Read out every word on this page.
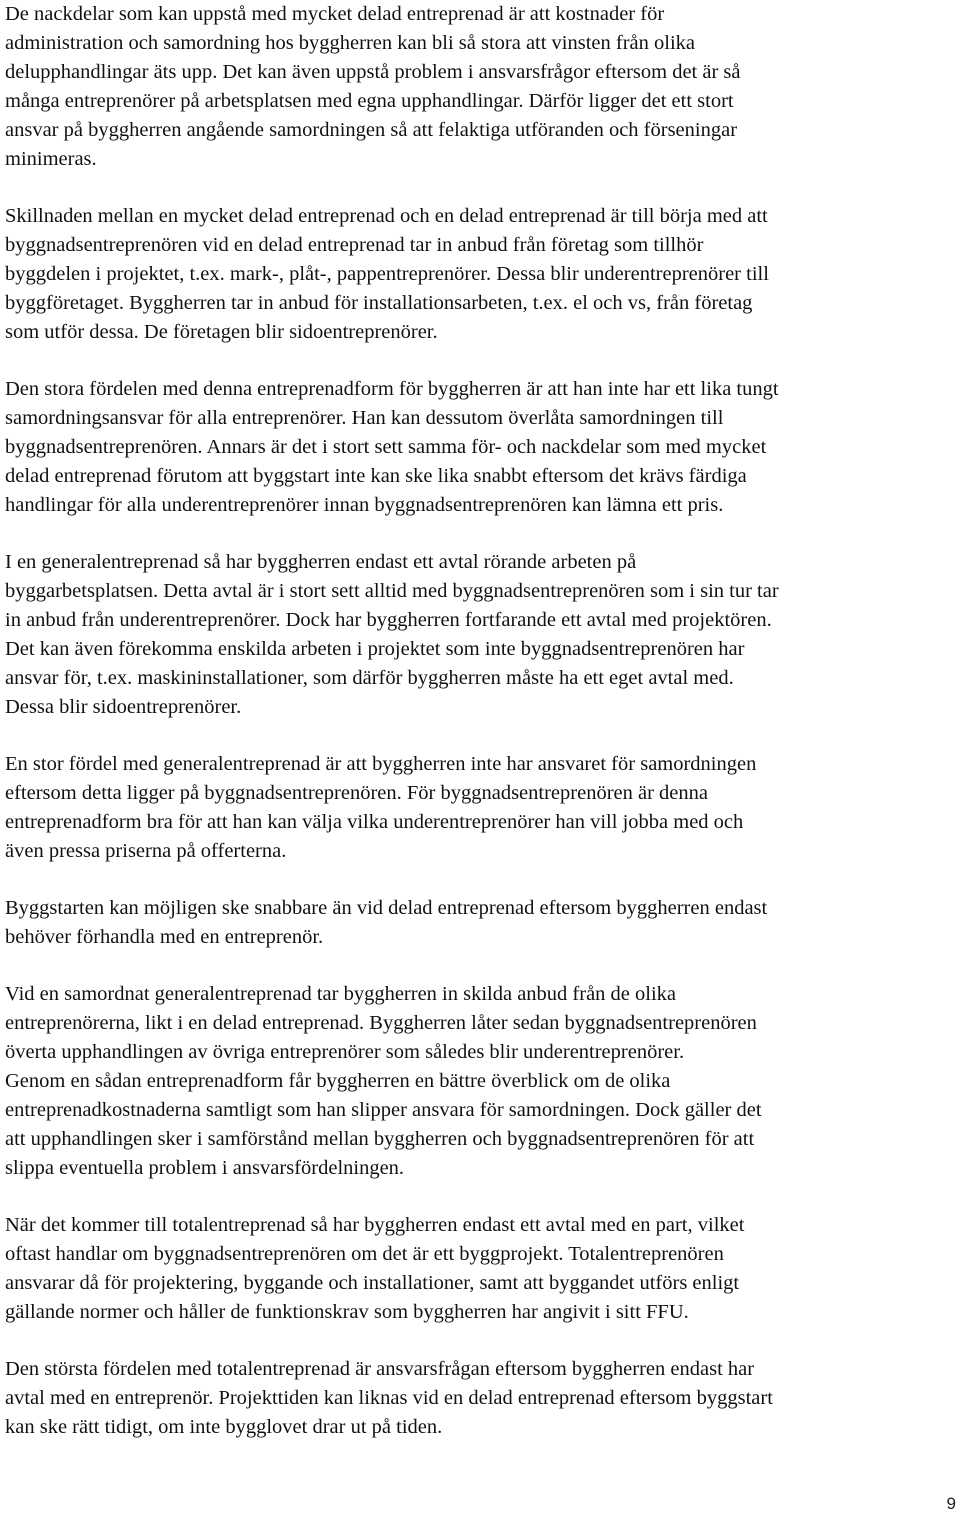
De nackdelar som kan uppstå med mycket delad entreprenad är att kostnader för
administration och samordning hos byggherren kan bli så stora att vinsten från olika
delupphandlingar äts upp. Det kan även uppstå problem i ansvarsfrågor eftersom det är så
många entreprenörer på arbetsplatsen med egna upphandlingar. Därför ligger det ett stort
ansvar på byggherren angående samordningen så att felaktiga utföranden och förseningar
minimeras.

Skillnaden mellan en mycket delad entreprenad och en delad entreprenad är till börja med att
byggnadsentreprenören vid en delad entreprenad tar in anbud från företag som tillhör
byggdelen i projektet, t.ex. mark-, plåt-, pappentreprenörer. Dessa blir underentreprenörer till
byggföretaget. Byggherren tar in anbud för installationsarbeten, t.ex. el och vs, från företag
som utför dessa. De företagen blir sidoentreprenörer.

Den stora fördelen med denna entreprenadform för byggherren är att han inte har ett lika tungt
samordningsansvar för alla entreprenörer. Han kan dessutom överlåta samordningen till
byggnadsentreprenören. Annars är det i stort sett samma för- och nackdelar som med mycket
delad entreprenad förutom att byggstart inte kan ske lika snabbt eftersom det krävs färdiga
handlingar för alla underentreprenörer innan byggnadsentreprenören kan lämna ett pris.

I en generalentreprenad så har byggherren endast ett avtal rörande arbeten på
byggarbetsplatsen. Detta avtal är i stort sett alltid med byggnadsentreprenören som i sin tur tar
in anbud från underentreprenörer. Dock har byggherren fortfarande ett avtal med projektören.
Det kan även förekomma enskilda arbeten i projektet som inte byggnadsentreprenören har
ansvar för, t.ex. maskininstallationer, som därför byggherren måste ha ett eget avtal med.
Dessa blir sidoentreprenörer.

En stor fördel med generalentreprenad är att byggherren inte har ansvaret för samordningen
eftersom detta ligger på byggnadsentreprenören. För byggnadsentreprenören är denna
entreprenadform bra för att han kan välja vilka underentreprenörer han vill jobba med och
även pressa priserna på offerterna.

Byggstarten kan möjligen ske snabbare än vid delad entreprenad eftersom byggherren endast
behöver förhandla med en entreprenör.

Vid en samordnat generalentreprenad tar byggherren in skilda anbud från de olika
entreprenörerna, likt i en delad entreprenad. Byggherren låter sedan byggnadsentreprenören
överta upphandlingen av övriga entreprenörer som således blir underentreprenörer.
Genom en sådan entreprenadform får byggherren en bättre överblick om de olika
entreprenadkostnaderna samtligt som han slipper ansvara för samordningen. Dock gäller det
att upphandlingen sker i samförstånd mellan byggherren och byggnadsentreprenören för att
slippa eventuella problem i ansvarsfördelningen.

När det kommer till totalentreprenad så har byggherren endast ett avtal med en part, vilket
oftast handlar om byggnadsentreprenören om det är ett byggprojekt. Totalentreprenören
ansvarar då för projektering, byggande och installationer, samt att byggandet utförs enligt
gällande normer och håller de funktionskrav som byggherren har angivit i sitt FFU.

Den största fördelen med totalentreprenad är ansvarsfrågan eftersom byggherren endast har
avtal med en entreprenör. Projekttiden kan liknas vid en delad entreprenad eftersom byggstart
kan ske rätt tidigt, om inte bygglovet drar ut på tiden.

9
